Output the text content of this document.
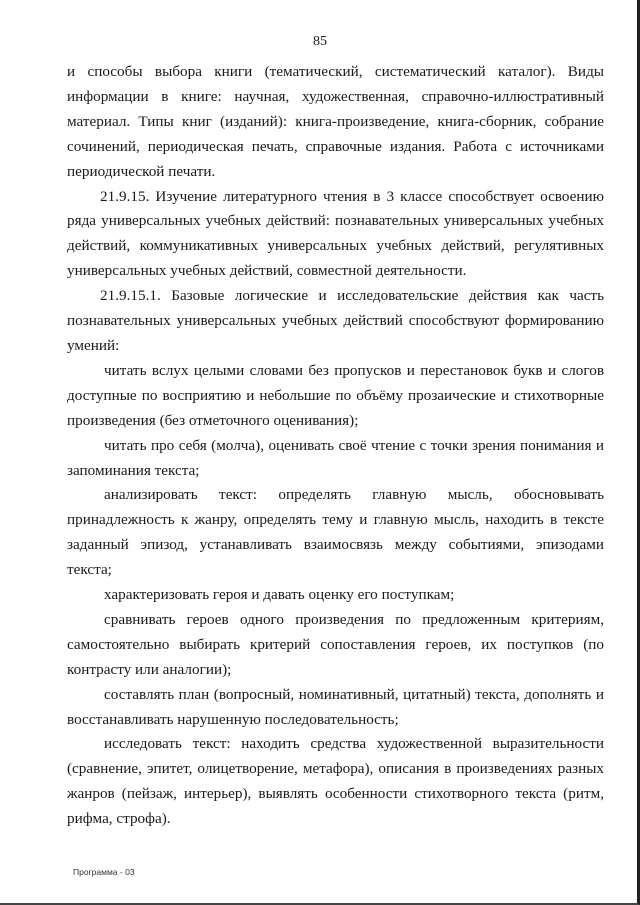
85

и способы выбора книги (тематический, систематический каталог). Виды информации в книге: научная, художественная, справочно-иллюстративный материал. Типы книг (изданий): книга-произведение, книга-сборник, собрание сочинений, периодическая печать, справочные издания. Работа с источниками периодической печати.

21.9.15. Изучение литературного чтения в 3 классе способствует освоению ряда универсальных учебных действий: познавательных универсальных учебных действий, коммуникативных универсальных учебных действий, регулятивных универсальных учебных действий, совместной деятельности.

21.9.15.1. Базовые логические и исследовательские действия как часть познавательных универсальных учебных действий способствуют формированию умений:

читать вслух целыми словами без пропусков и перестановок букв и слогов доступные по восприятию и небольшие по объёму прозаические и стихотворные произведения (без отметочного оценивания);

читать про себя (молча), оценивать своё чтение с точки зрения понимания и запоминания текста;

анализировать текст: определять главную мысль, обосновывать принадлежность к жанру, определять тему и главную мысль, находить в тексте заданный эпизод, устанавливать взаимосвязь между событиями, эпизодами текста;

характеризовать героя и давать оценку его поступкам;

сравнивать героев одного произведения по предложенным критериям, самостоятельно выбирать критерий сопоставления героев, их поступков (по контрасту или аналогии);

составлять план (вопросный, номинативный, цитатный) текста, дополнять и восстанавливать нарушенную последовательность;

исследовать текст: находить средства художественной выразительности (сравнение, эпитет, олицетворение, метафора), описания в произведениях разных жанров (пейзаж, интерьер), выявлять особенности стихотворного текста (ритм, рифма, строфа).

Программа - 03
